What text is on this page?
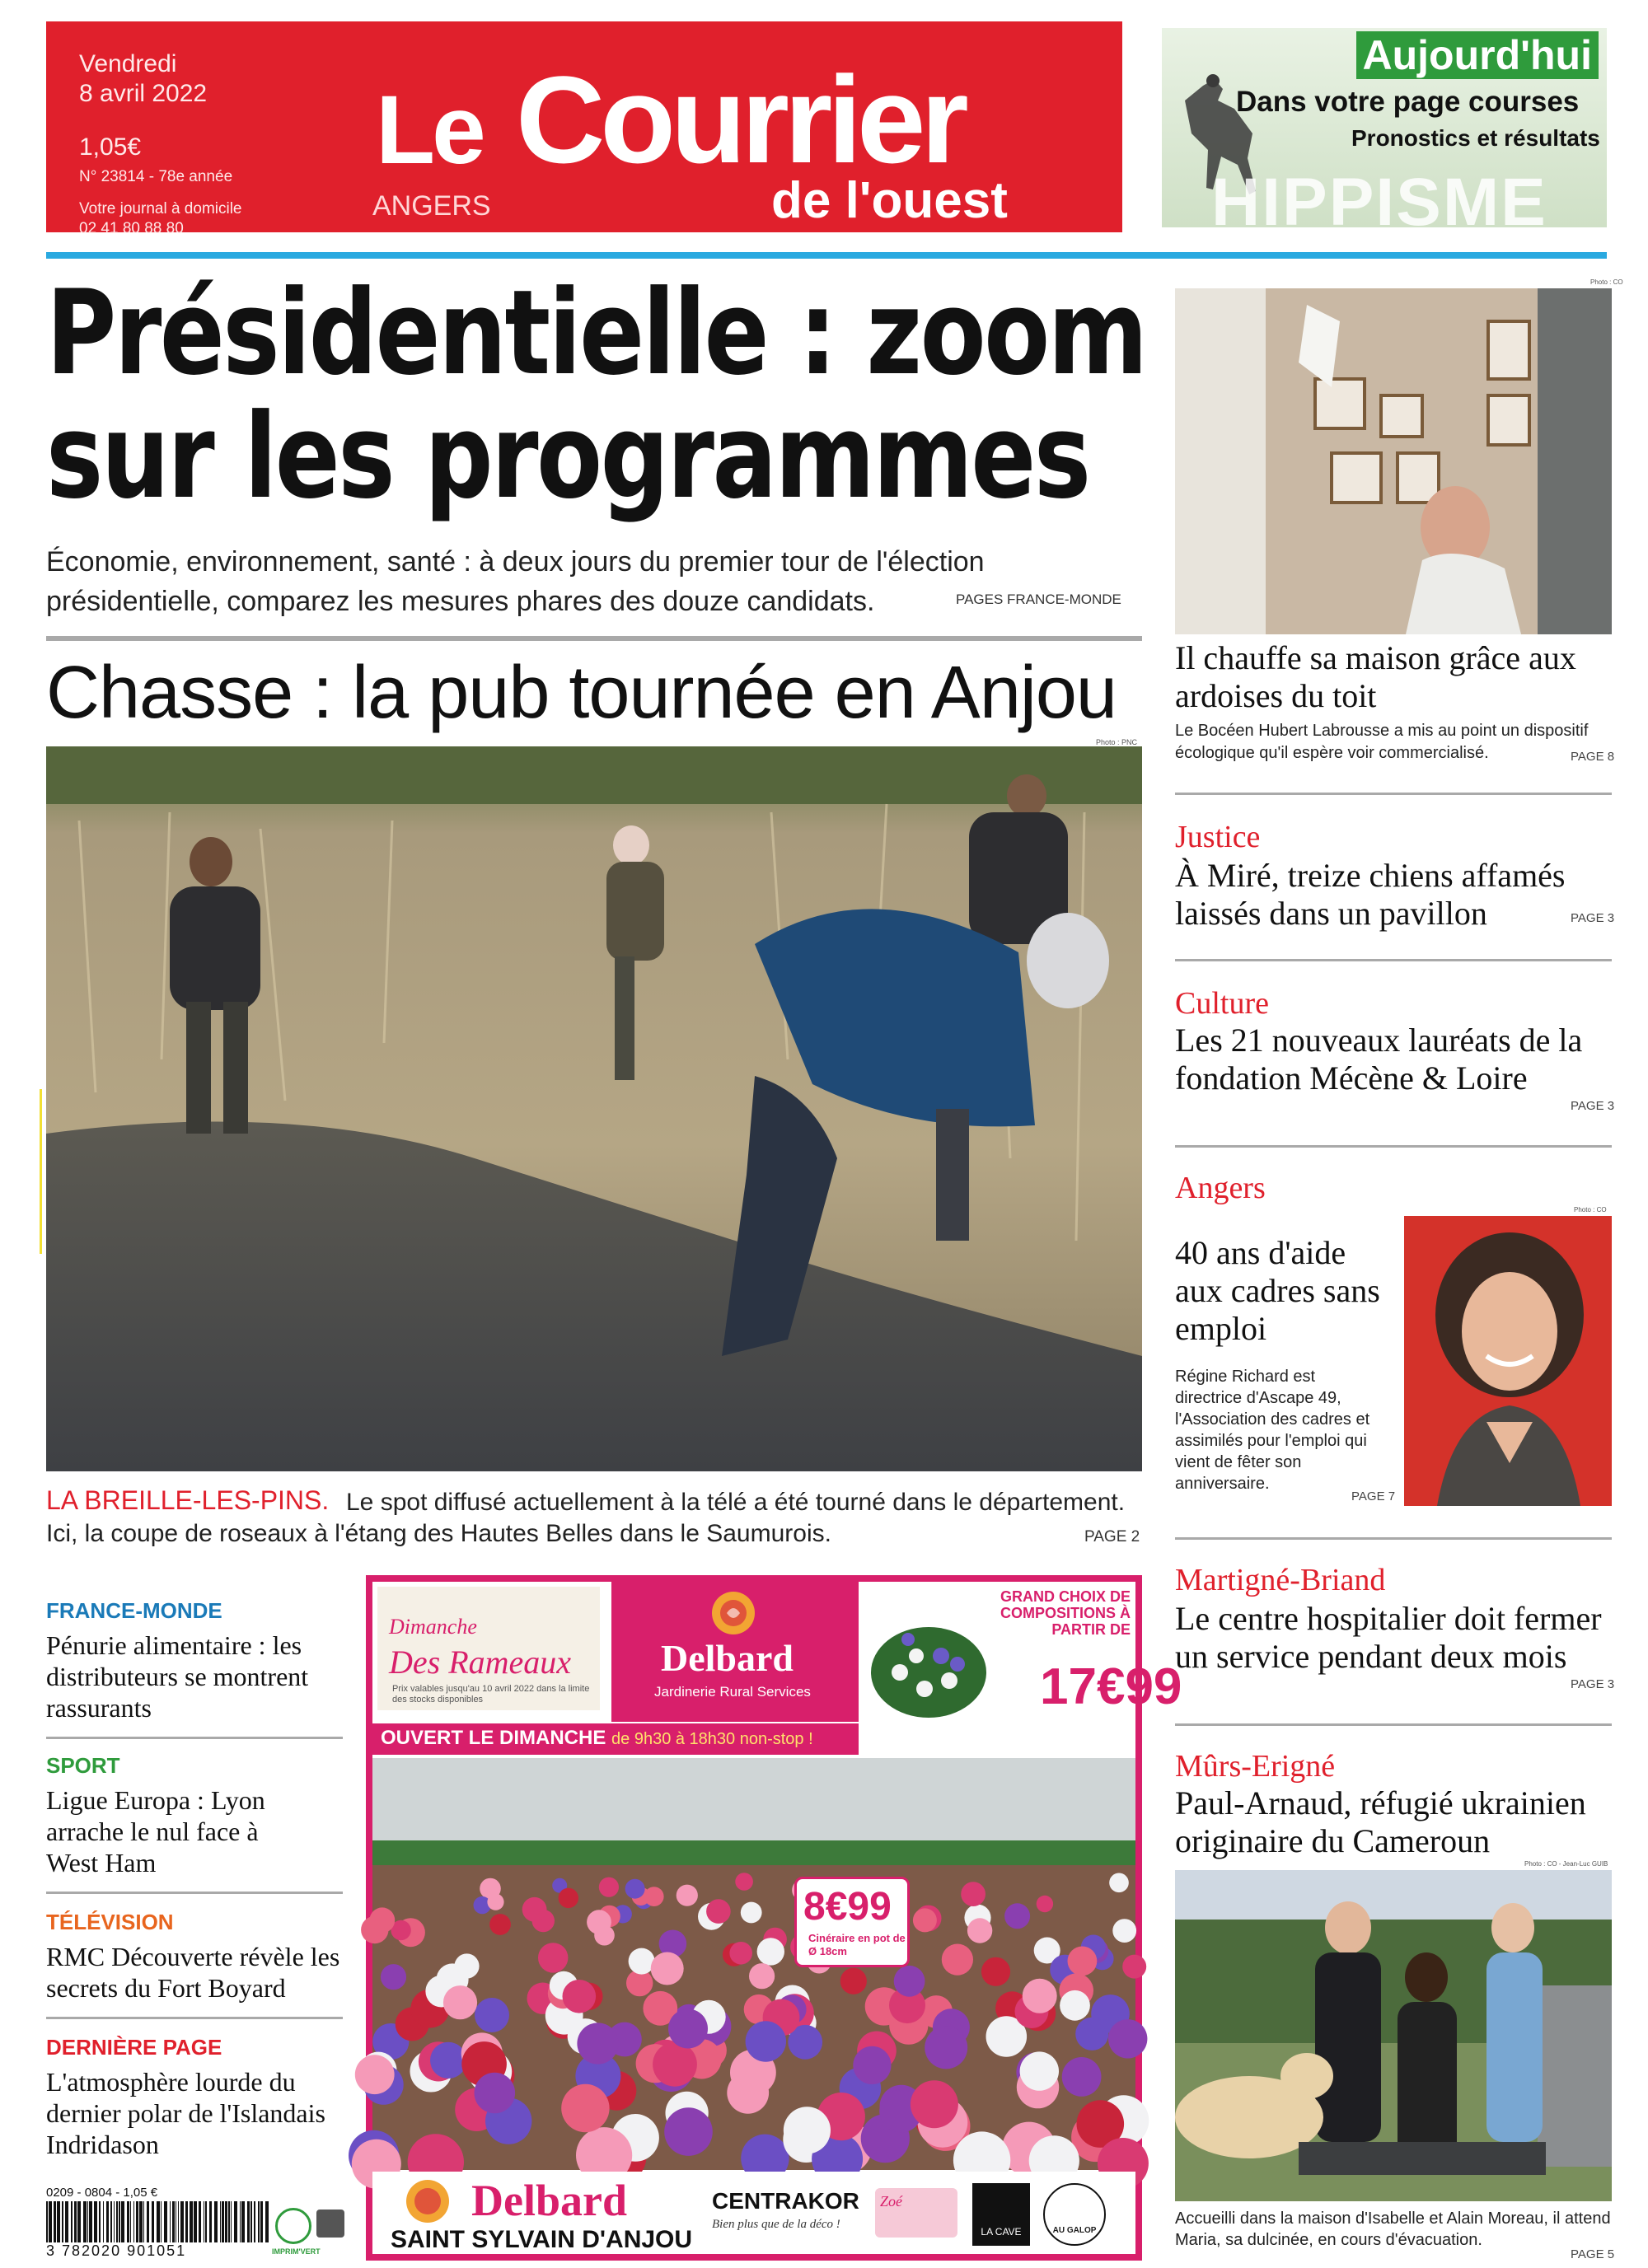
Vendredi
8 avril 2022
1,05€
N° 23814 - 78e année
Votre journal à domicile
02 41 80 88 80
Le Courrier
de l'ouest
ANGERS
Aujourd'hui
Dans votre page courses
Pronostics et résultats
HIPPISME
Présidentielle : zoom sur les programmes
Économie, environnement, santé : à deux jours du premier tour de l'élection présidentielle, comparez les mesures phares des douze candidats.	PAGES FRANCE-MONDE
Chasse : la pub tournée en Anjou
Photo : PNC
LA BREILLE-LES-PINS. Le spot diffusé actuellement à la télé a été tourné dans le département.
Ici, la coupe de roseaux à l'étang des Hautes Belles dans le Saumurois.	PAGE 2
Photo : CO
Il chauffe sa maison grâce aux ardoises du toit
Le Bocéen Hubert Labrousse a mis au point un dispositif écologique qu'il espère voir commercialisé.	PAGE 8
Justice
À Miré, treize chiens affamés laissés dans un pavillon	PAGE 3
Culture
Les 21 nouveaux lauréats de la fondation Mécène & Loire
PAGE 3
Angers
Photo : CO
40 ans d'aide aux cadres sans emploi
Régine Richard est directrice d'Ascape 49, l'Association des cadres et assimilés pour l'emploi qui vient de fêter son anniversaire.
PAGE 7
Martigné-Briand
Le centre hospitalier doit fermer un service pendant deux mois
PAGE 3
Mûrs-Erigné
Paul-Arnaud, réfugié ukrainien originaire du Cameroun
Photo : CO - Jean-Luc GUIB
Accueilli dans la maison d'Isabelle et Alain Moreau, il attend Maria, sa dulcinée, en cours d'évacuation.
PAGE 5
FRANCE-MONDE
Pénurie alimentaire : les distributeurs se montrent rassurants
SPORT
Ligue Europa : Lyon arrache le nul face à West Ham
TÉLÉVISION
RMC Découverte révèle les secrets du Fort Boyard
DERNIÈRE PAGE
L'atmosphère lourde du dernier polar de l'Islandais Indridason
Dimanche
Des Rameaux
Prix valables jusqu'au 10 avril 2022 dans la limite des stocks disponibles
Delbard
Jardinerie Rural Services
GRAND CHOIX DE COMPOSITIONS À PARTIR DE
17€99
OUVERT LE DIMANCHE de 9h30 à 18h30 non-stop !
8€99
Cinéraire en pot de Ø 18cm
Delbard
SAINT SYLVAIN D'ANJOU
CENTRAKOR
Bien plus que de la déco !
Zoé
LA CAVE	AU GALOP
0209 - 0804 - 1,05 €
3 782020 901051	IMPRIM'VERT
